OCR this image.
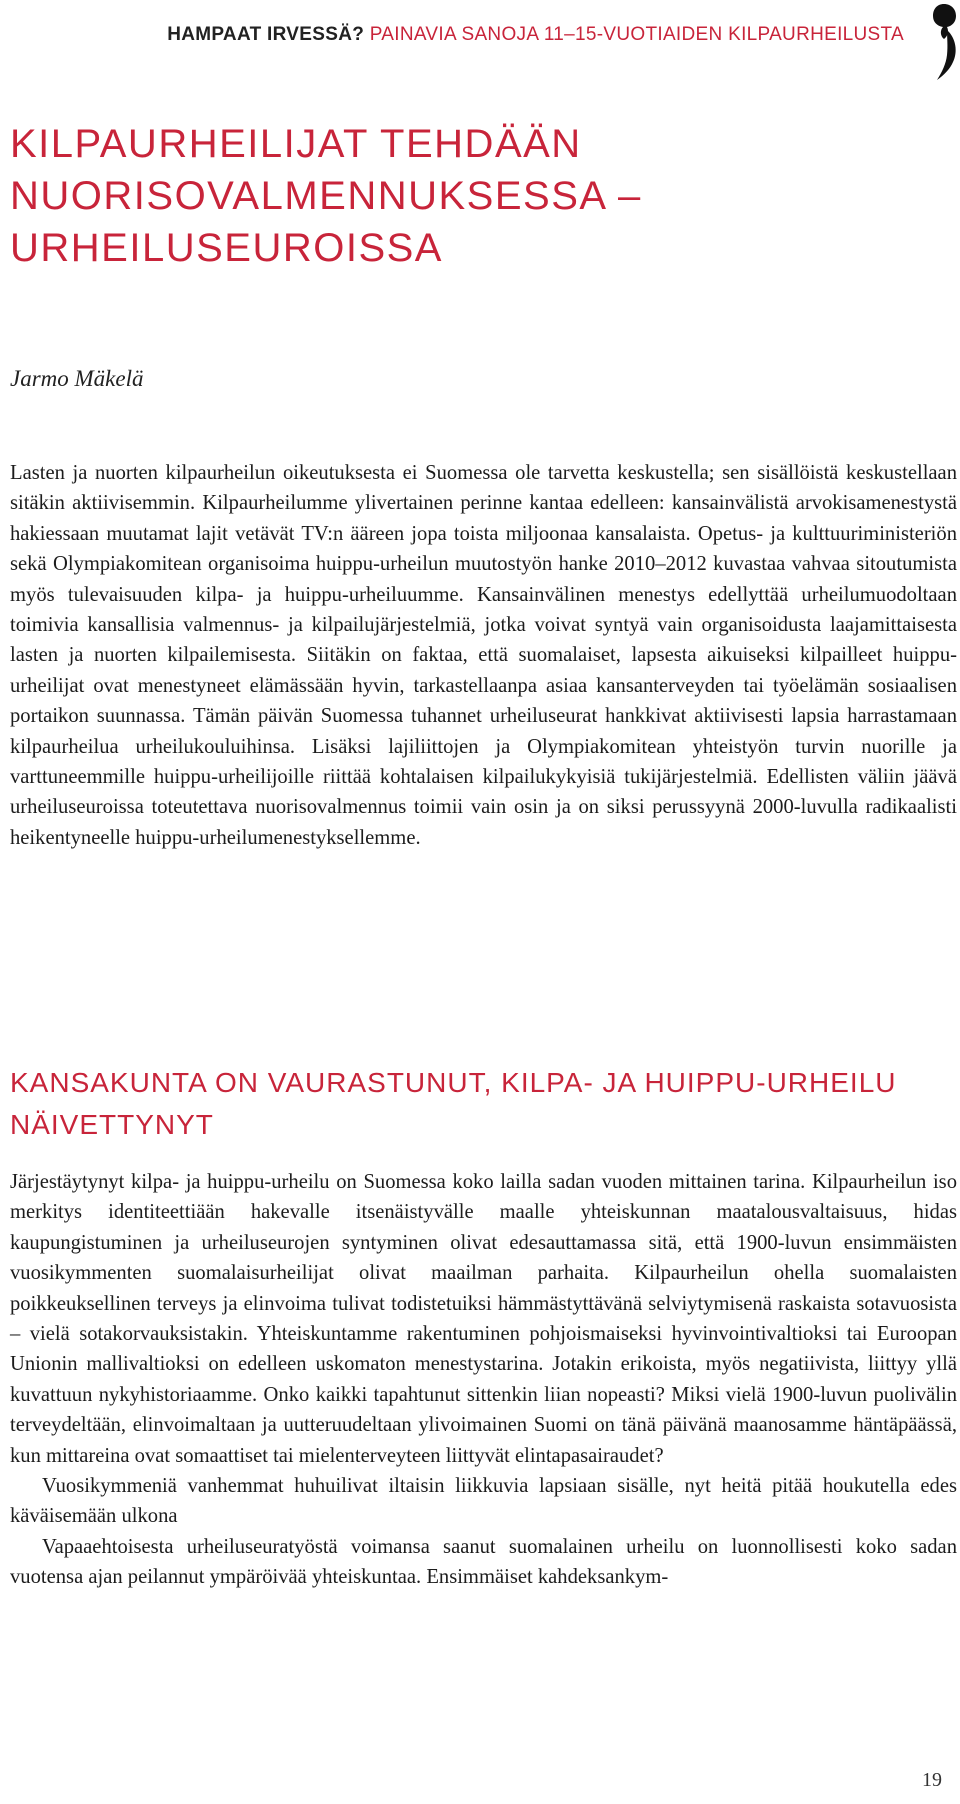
HAMPAAT IRVESSÄ? PAINAVIA SANOJA 11–15-VUOTIAIDEN KILPAURHEILUSTA
KILPAURHEILIJAT TEHDÄÄN
NUORISOVALMENNUKSESSA –
URHEILUSEUROISSA
Jarmo Mäkelä

Lasten ja nuorten kilpaurheilun oikeutuksesta ei Suomessa ole tarvetta keskustella; sen sisällöistä keskustellaan sitäkin aktiivisemmin. Kilpaurheilumme ylivertainen perinne kantaa edelleen: kansainvälistä arvokisamenestystä hakiessaan muutamat lajit vetävät TV:n ääreen jopa toista miljoonaa kansalaista. Opetus- ja kulttuuriministeriön sekä Olympiakomitean organisoima huippu-urheilun muutostyön hanke 2010–2012 kuvastaa vahvaa sitoutumista myös tulevaisuuden kilpa- ja huippu-urheiluumme. Kansainvälinen menestys edellyttää urheilumuodoltaan toimivia kansallisia valmennus- ja kilpailujärjestelmiä, jotka voivat syntyä vain organisoidusta laajamittaisesta lasten ja nuorten kilpailemisesta. Siitäkin on faktaa, että suomalaiset, lapsesta aikuiseksi kilpailleet huippu-urheilijat ovat menestyneet elämässään hyvin, tarkastellaanpa asiaa kansanterveyden tai työelämän sosiaalisen portaikon suunnassa. Tämän päivän Suomessa tuhannet urheiluseurat hankkivat aktiivisesti lapsia harrastamaan kilpaurheilua urheilukouluihinsa. Lisäksi lajiliittojen ja Olympiakomitean yhteistyön turvin nuorille ja varttuneemmille huippu-urheilijoille riittää kohtalaisen kilpailukykyisiä tukijärjestelmiä. Edellisten väliin jäävä urheiluseuroissa toteutettava nuorisovalmennus toimii vain osin ja on siksi perussyynä 2000-luvulla radikaalisti heikentyneelle huippu-urheilumenestyksellemme.

KANSAKUNTA ON VAURASTUNUT, KILPA- JA HUIPPU-URHEILU
NÄIVETTYNYT

Järjestäytynyt kilpa- ja huippu-urheilu on Suomessa koko lailla sadan vuoden mittainen tarina. Kilpaurheilun iso merkitys identiteettiään hakevalle itsenäistyvälle maalle yhteiskunnan maatalousvaltaisuus, hidas kaupungistuminen ja urheiluseurojen syntyminen olivat edesauttamassa sitä, että 1900-luvun ensimmäisten vuosikymmenten suomalaisurheilijat olivat maailman parhaita. Kilpaurheilun ohella suomalaisten poikkeuksellinen terveys ja elinvoima tulivat todistetuiksi hämmästyttävänä selviytymisenä raskaista sotavuosista – vielä sotakorvauksistakin. Yhteiskuntamme rakentuminen pohjoismaiseksi hyvinvointivaltioksi tai Euroopan Unionin mallivaltioksi on edelleen uskomaton menestystarina. Jotakin erikoista, myös negatiivista, liittyy yllä kuvattuun nykyhistoriaamme. Onko kaikki tapahtunut sittenkin liian nopeasti? Miksi vielä 1900-luvun puolivälin terveydeltään, elinvoimaltaan ja uutteruudeltaan ylivoimainen Suomi on tänä päivänä maanosamme häntäpäässä, kun mittareina ovat somaattiset tai mielenterveyteen liittyvät elintapasairaudet?

Vuosikymmeniä vanhemmat huhuilivat iltaisin liikkuvia lapsiaan sisälle, nyt heitä pitää houkutella edes käväisemään ulkona

Vapaaehtoisesta urheiluseuratyöstä voimansa saanut suomalainen urheilu on luonnollisesti koko sadan vuotensa ajan peilannut ympäröivää yhteiskuntaa. Ensimmäiset kahdeksankym-

19
